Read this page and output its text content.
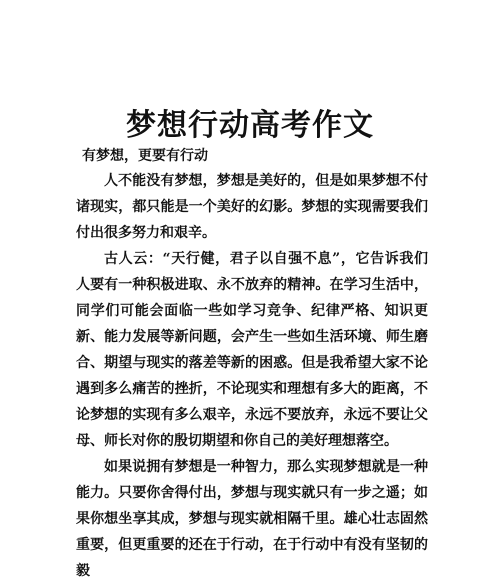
梦想行动高考作文
有梦想，更要有行动

人不能没有梦想，梦想是美好的，但是如果梦想不付诸现实，都只能是一个美好的幻影。梦想的实现需要我们付出很多努力和艰辛。

古人云：“天行健，君子以自强不息”，它告诉我们人要有一种积极进取、永不放弃的精神。在学习生活中，同学们可能会面临一些如学习竞争、纪律严格、知识更新、能力发展等新问题，会产生一些如生活环境、师生磨合、期望与现实的落差等新的困惑。但是我希望大家不论遇到多么痛苦的挫折，不论现实和理想有多大的距离，不论梦想的实现有多么艰辛，永远不要放弃，永远不要让父母、师长对你的殷切期望和你自己的美好理想落空。

如果说拥有梦想是一种智力，那么实现梦想就是一种能力。只要你舍得付出，梦想与现实就只有一步之遥；如果你想坐享其成，梦想与现实就相隔千里。雄心壮志固然重要，但更重要的还在于行动，在于行动中有没有坚韧的毅
